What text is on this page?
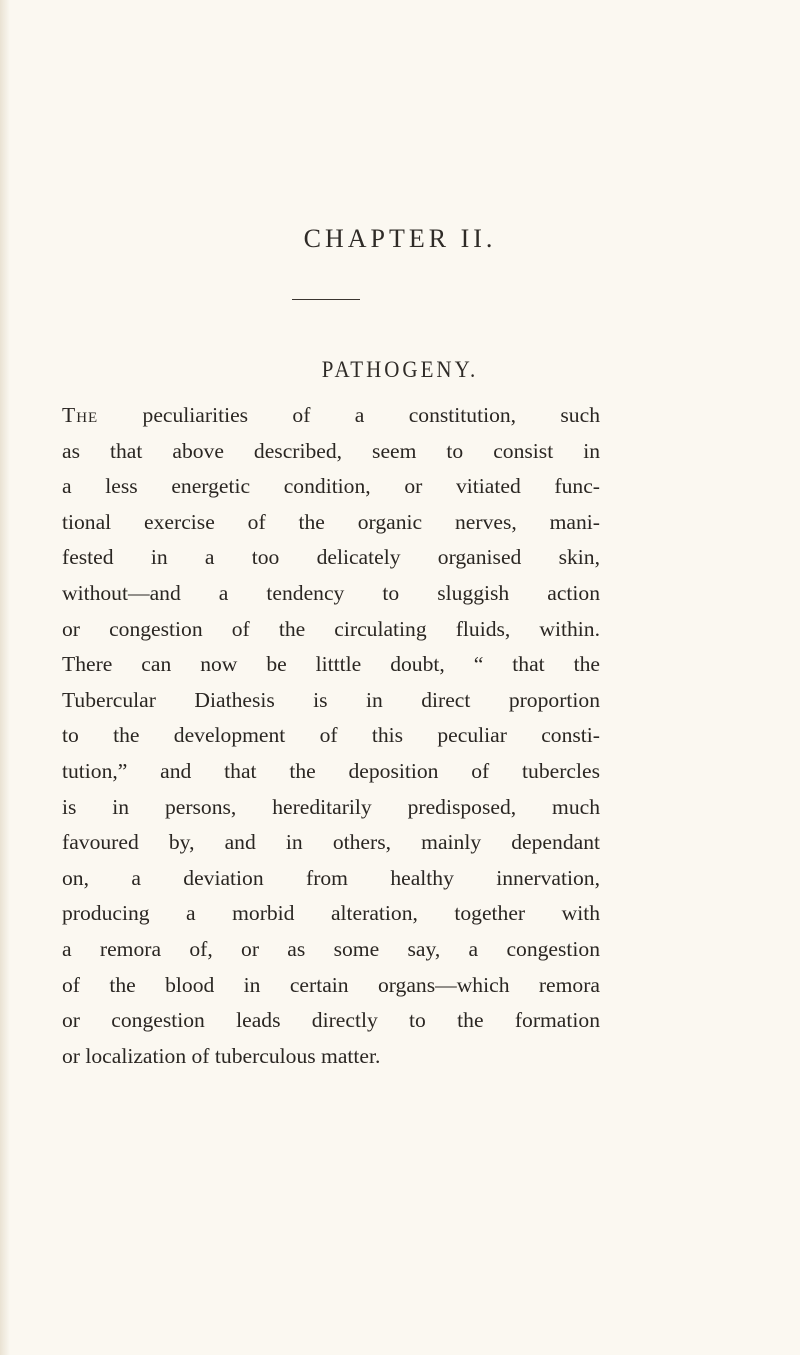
CHAPTER II.
PATHOGENY.
The peculiarities of a constitution, such
as that above described, seem to consist in
a less energetic condition, or vitiated func-
tional exercise of the organic nerves, mani-
fested in a too delicately organised skin,
without—and a tendency to sluggish action
or congestion of the circulating fluids, within.
There can now be litttle doubt, “ that the
Tubercular Diathesis is in direct proportion
to the development of this peculiar consti-
tution,” and that the deposition of tubercles
is in persons, hereditarily predisposed, much
favoured by, and in others, mainly dependant
on, a deviation from healthy innervation,
producing a morbid alteration, together with
a remora of, or as some say, a congestion
of the blood in certain organs—which remora
or congestion leads directly to the formation
or localization of tuberculous matter.
